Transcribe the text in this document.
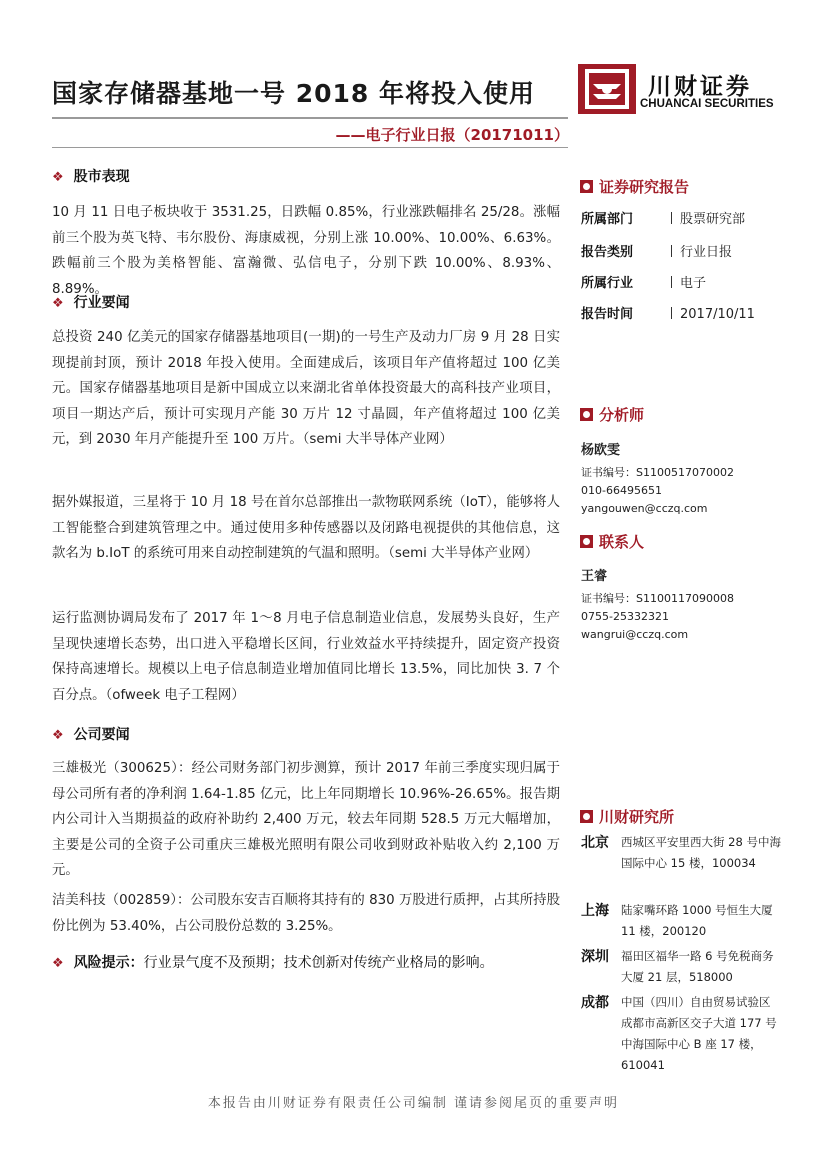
国家存储器基地一号 2018 年将投入使用
——电子行业日报（20171011）
川财证券
CHUANCAI SECURITIES
❖ 股市表现
10 月 11 日电子板块收于 3531.25，日跌幅 0.85%，行业涨跌幅排名 25/28。涨幅前三个股为英飞特、韦尔股份、海康威视，分别上涨 10.00%、10.00%、6.63%。跌幅前三个股为美格智能、富瀚微、弘信电子，分别下跌 10.00%、8.93%、8.89%。
❖ 行业要闻
总投资 240 亿美元的国家存储器基地项目(一期)的一号生产及动力厂房 9 月 28 日实现提前封顶，预计 2018 年投入使用。全面建成后，该项目年产值将超过 100 亿美元。国家存储器基地项目是新中国成立以来湖北省单体投资最大的高科技产业项目，项目一期达产后，预计可实现月产能 30 万片 12 寸晶圆，年产值将超过 100 亿美元，到 2030 年月产能提升至 100 万片。（semi 大半导体产业网）
据外媒报道，三星将于 10 月 18 号在首尔总部推出一款物联网系统（IoT），能够将人工智能整合到建筑管理之中。通过使用多种传感器以及闭路电视提供的其他信息，这款名为 b.IoT 的系统可用来自动控制建筑的气温和照明。（semi 大半导体产业网）
运行监测协调局发布了 2017 年 1～8 月电子信息制造业信息，发展势头良好，生产呈现快速增长态势，出口进入平稳增长区间，行业效益水平持续提升，固定资产投资保持高速增长。规模以上电子信息制造业增加值同比增长 13.5%，同比加快 3. 7 个百分点。（ofweek 电子工程网）
❖ 公司要闻
三雄极光（300625）：经公司财务部门初步测算，预计 2017 年前三季度实现归属于母公司所有者的净利润 1.64-1.85 亿元，比上年同期增长 10.96%-26.65%。报告期内公司计入当期损益的政府补助约 2,400 万元，较去年同期 528.5 万元大幅增加，主要是公司的全资子公司重庆三雄极光照明有限公司收到财政补贴收入约 2,100 万元。
洁美科技（002859）：公司股东安吉百顺将其持有的 830 万股进行质押，占其所持股份比例为 53.40%，占公司股份总数的 3.25%。
❖ 风险提示：行业景气度不及预期；技术创新对传统产业格局的影响。
证券研究报告
所属部门	股票研究部
报告类别	行业日报
所属行业	电子
报告时间	2017/10/11
分析师
杨欧雯
证书编号：S1100517070002
010-66495651
yangouwen@cczq.com
联系人
王睿
证书编号：S1100117090008
0755-25332321
wangrui@cczq.com
川财研究所
北京 西城区平安里西大街 28 号中海国际中心 15 楼，100034
上海 陆家嘴环路 1000 号恒生大厦 11 楼，200120
深圳 福田区福华一路 6 号免税商务大厦 21 层，518000
成都 中国（四川）自由贸易试验区成都市高新区交子大道 177 号中海国际中心 B 座 17 楼，610041
本报告由川财证券有限责任公司编制 谨请参阅尾页的重要声明
